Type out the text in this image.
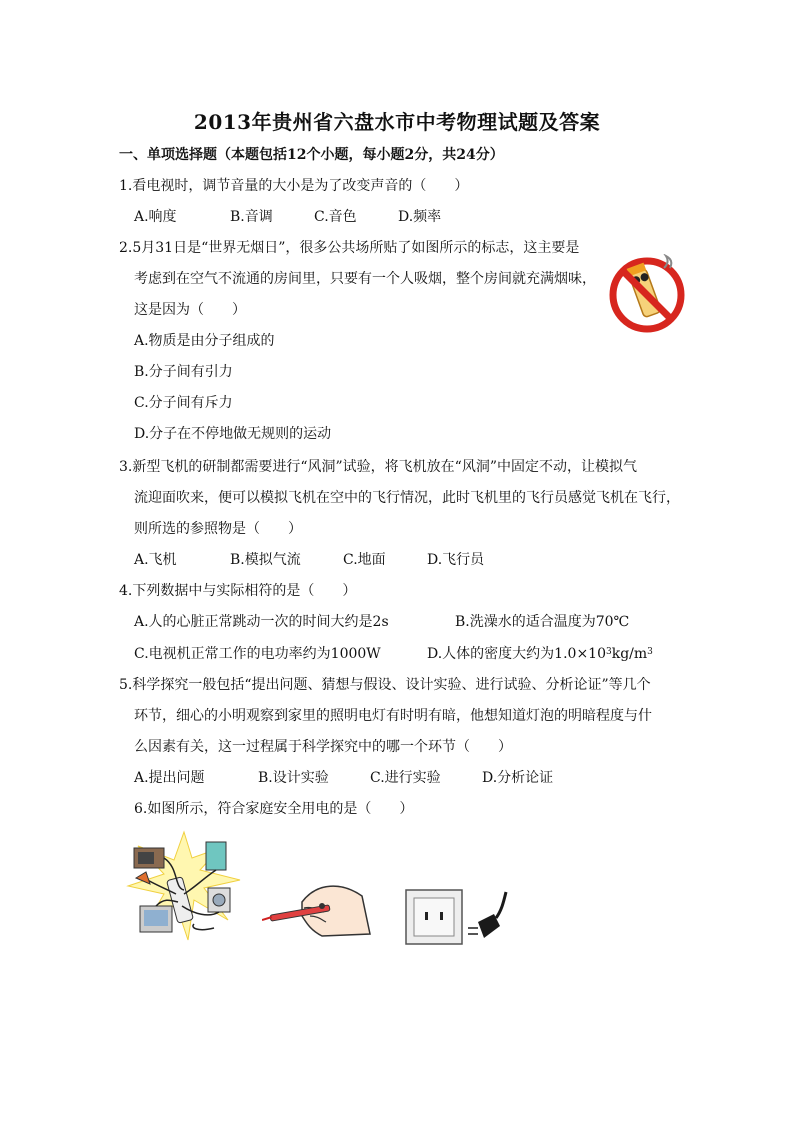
2013年贵州省六盘水市中考物理试题及答案
一、单项选择题（本题包括12个小题，每小题2分，共24分）
1.看电视时，调节音量的大小是为了改变声音的（　　）
A.响度	B.音调	C.音色	D.频率
2.5月31日是“世界无烟日”，很多公共场所贴了如图所示的标志，这主要是
考虑到在空气不流通的房间里，只要有一个人吸烟，整个房间就充满烟味，
这是因为（　　）
A.物质是由分子组成的
B.分子间有引力
C.分子间有斥力
D.分子在不停地做无规则的运动
3.新型飞机的研制都需要进行“风洞”试验，将飞机放在“风洞”中固定不动，让模拟气
流迎面吹来，便可以模拟飞机在空中的飞行情况，此时飞机里的飞行员感觉飞机在飞行，
则所选的参照物是（　　）
A.飞机	B.模拟气流	C.地面	D.飞行员
4.下列数据中与实际相符的是（　　）
A.人的心脏正常跳动一次的时间大约是2s	B.洗澡水的适合温度为70℃
C.电视机正常工作的电功率约为1000W	D.人体的密度大约为$1.0\times 10^3kg/m^3$
5.科学探究一般包括“提出问题、猜想与假设、设计实验、进行试验、分析论证”等几个
环节，细心的小明观察到家里的照明电灯有时明有暗，他想知道灯泡的明暗程度与什
么因素有关，这一过程属于科学探究中的哪一个环节（　　）
A.提出问题	B.设计实验	C.进行实验	D.分析论证
6.如图所示，符合家庭安全用电的是（　　）
